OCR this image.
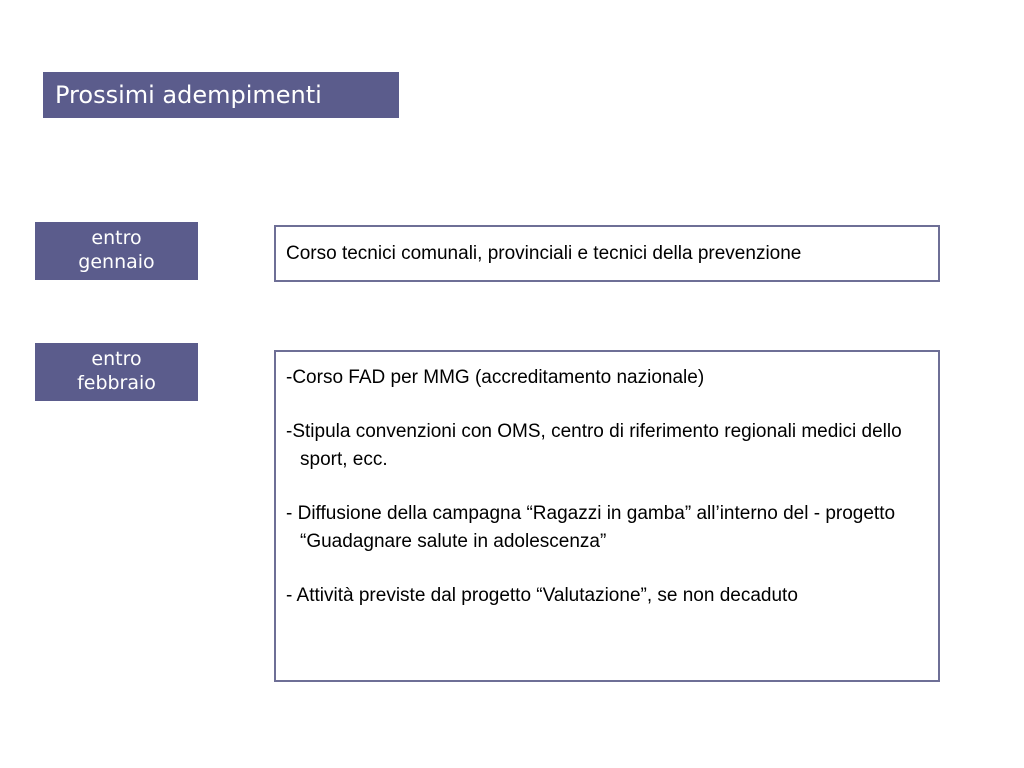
Prossimi adempimenti
entro
gennaio	Corso tecnici comunali, provinciali e tecnici della prevenzione
entro
febbraio	-Corso FAD per MMG (accreditamento nazionale)

-Stipula convenzioni con OMS, centro di riferimento regionali medici dello sport, ecc.

- Diffusione della campagna “Ragazzi in gamba” all’interno del - progetto “Guadagnare salute in adolescenza”

- Attività previste dal progetto “Valutazione”, se non decaduto
